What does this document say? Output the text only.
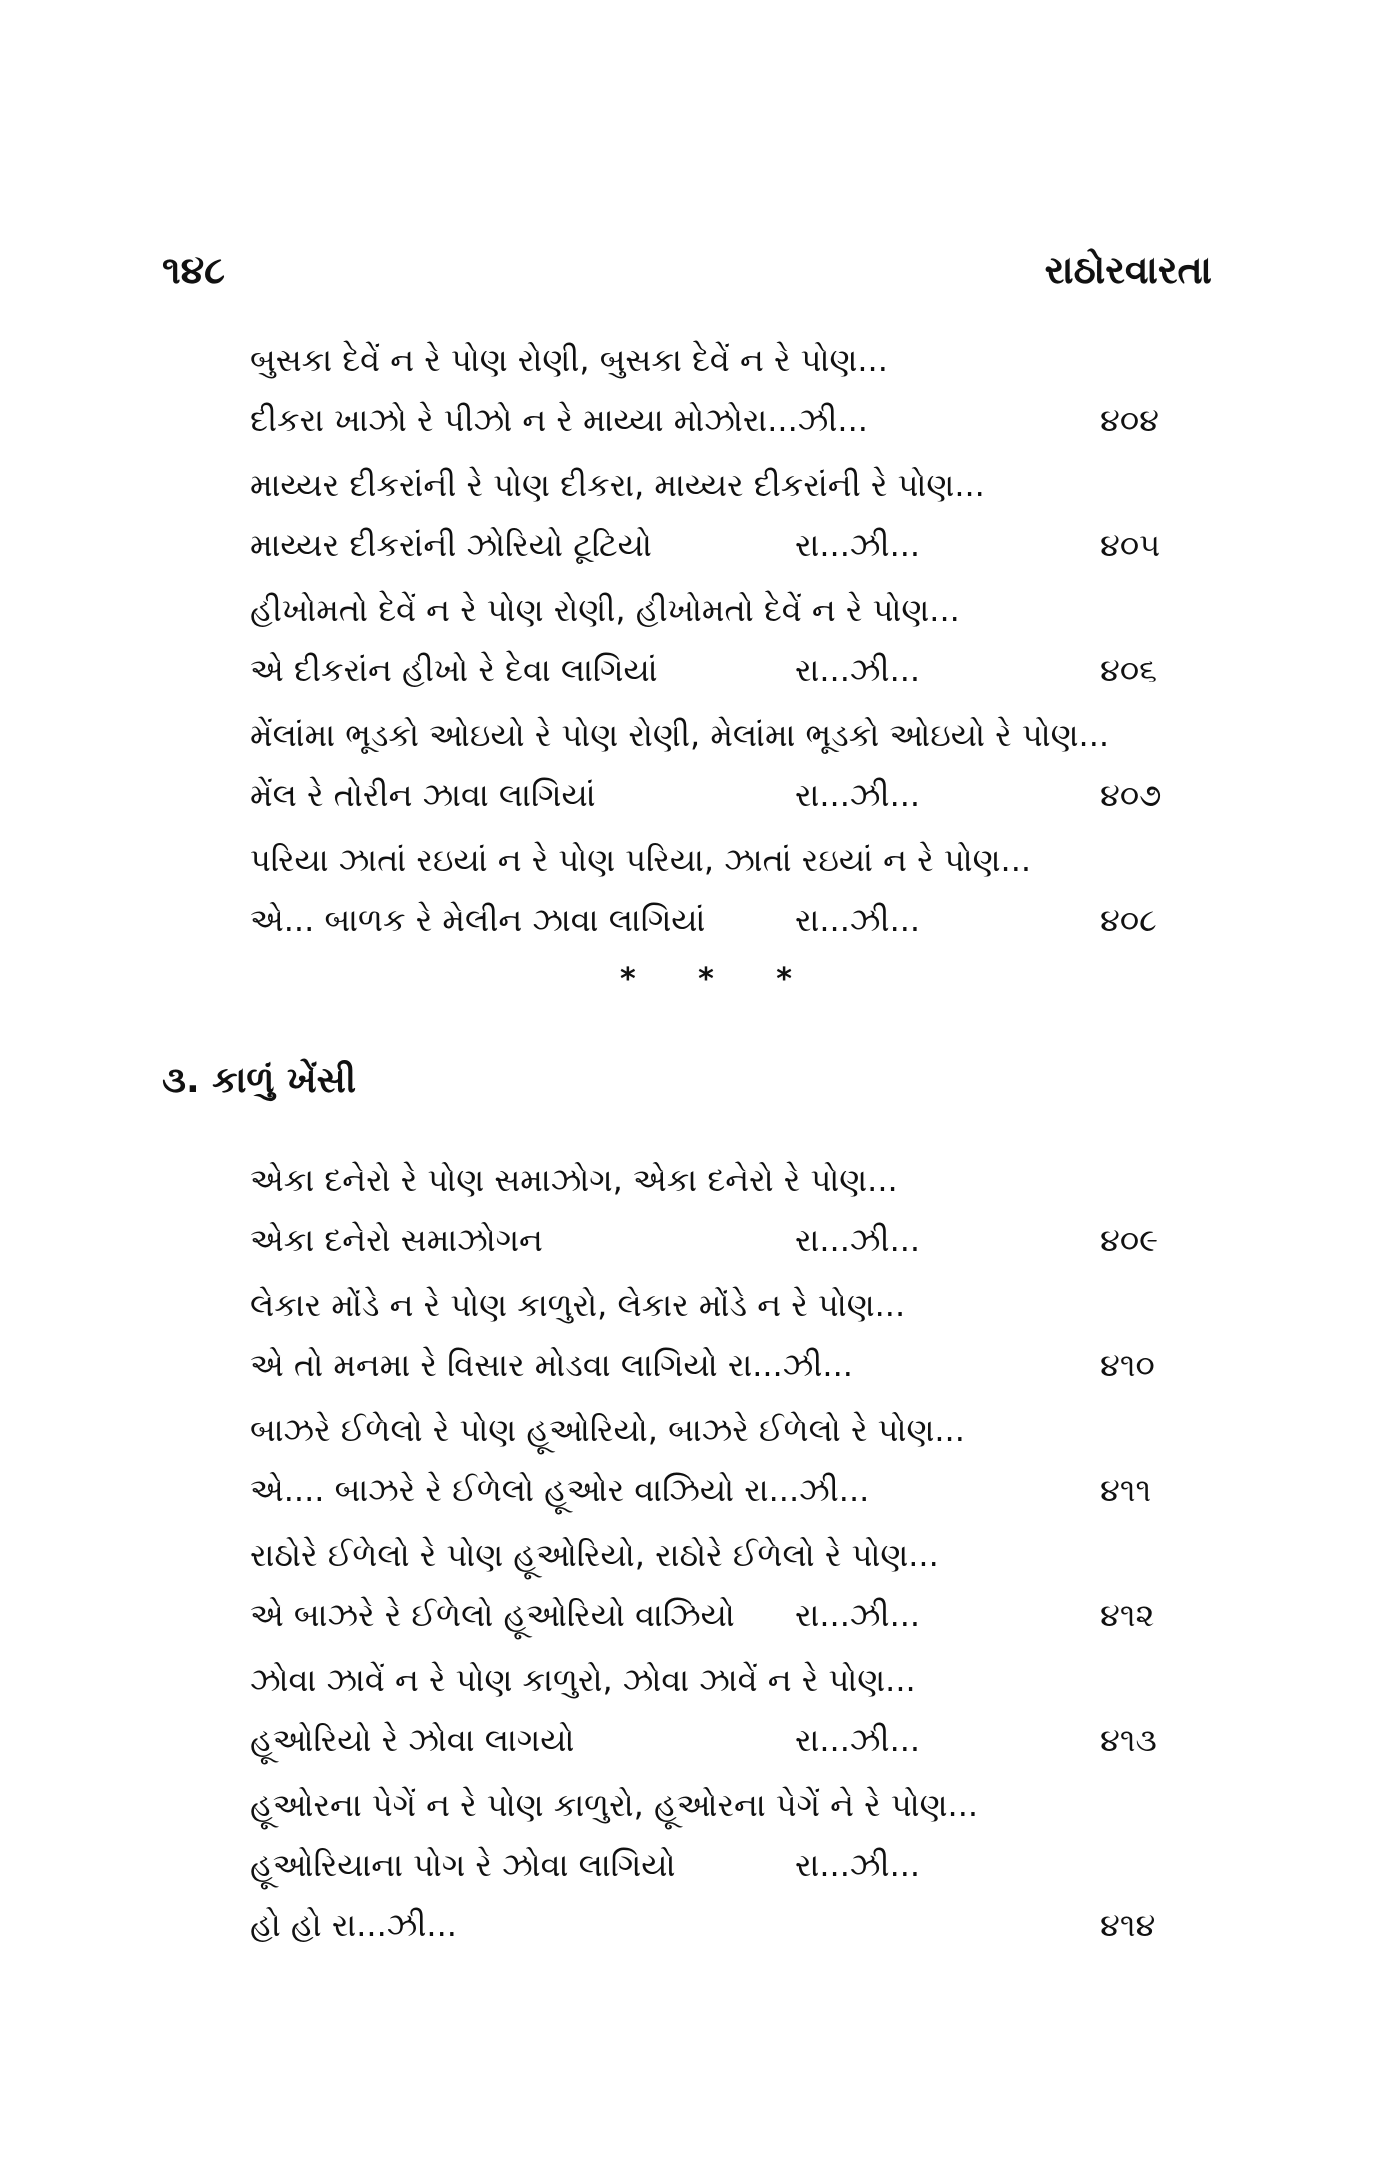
૧૪૮	રાઠોરવારતા
બુસકા દેવેં ન રે પોણ રોણી, બુસકા દેવેં ન રે પોણ...
દીકરા ખાઝો રે પીઝો ન રે માય્યા મોઝોરા...ઝી...	૪૦૪
માય્યર દીકરાંની રે પોણ દીકરા, માય્યર દીકરાંની રે પોણ...
માય્યર દીકરાંની ઝોરિયો ટૂટિયો	રા...ઝી...	૪૦૫
હીખોમતો દેવેં ન રે પોણ રોણી, હીખોમતો દેવેં ન રે પોણ...
એ દીકરાંન હીખો રે દેવા લાગિયાં	રા...ઝી...	૪૦૬
મેંલાંમા ભૂડકો ઓઇયો રે પોણ રોણી, મેલાંમા ભૂડકો ઓઇયો રે પોણ...
મેંલ રે તોરીન ઝાવા લાગિયાં	રા...ઝી...	૪૦૭
પરિયા ઝાતાં રઇયાં ન રે પોણ પરિયા, ઝાતાં રઇયાં ન રે પોણ...
એ... બાળક રે મેલીન ઝાવા લાગિયાં	રા...ઝી...	૪૦૮
* * *
૩. કાળું ખેંસી
એકા દનેરો રે પોણ સમાઝોગ, એકા દનેરો રે પોણ...
એકા દનેરો સમાઝોગન	રા...ઝી...	૪૦૯
લેકાર મોંડે ન રે પોણ કાળુરો, લેકાર મોંડે ન રે પોણ...
એ તો મનમા રે વિસાર મોડવા લાગિયો રા...ઝી...	૪૧૦
બાઝરે ઈળેલો રે પોણ હૂઓરિયો, બાઝરે ઈળેલો રે પોણ...
એ.... બાઝરે રે ઈળેલો હૂઓર વાઝિયો રા...ઝી...	૪૧૧
રાઠોરે ઈળેલો રે પોણ હૂઓરિયો, રાઠોરે ઈળેલો રે પોણ...
એ બાઝરે રે ઈળેલો હૂઓરિયો વાઝિયો રા...ઝી...	૪૧૨
ઝોવા ઝાવેં ન રે પોણ કાળુરો, ઝોવા ઝાવેં ન રે પોણ...
હૂઓરિયો રે ઝોવા લાગયો	રા...ઝી...	૪૧૩
હૂઓરના પેગેં ન રે પોણ કાળુરો, હૂઓરના પેગેં ને રે પોણ...
હૂઓરિયાના પોગ રે ઝોવા લાગિયો	રા...ઝી...
હો હો રા...ઝી...	૪૧૪
